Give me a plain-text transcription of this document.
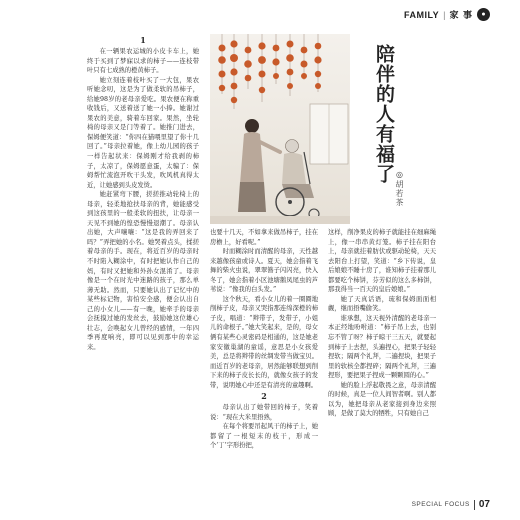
FAMILY | 家 事	●
1

在一辆果农运城的小皮卡车上，她终于买到了梦寐以求的柿子——连枝带叶只有七成熟的橙黄柿子。

她立刻连着枝叶买了一大包，果农听她念叨，这是为了做柔软的吊柿子，给她98岁的老母亲爱吃。果农便在称重收钱后，又送着送了她一小捧。她谢过果农的美意，骑着车回家。果然，坐轮椅的母亲又是门等着了。她推门进去，保姆便笑道：“你四在猫喂里望了你十几回了。”母亲拉着她，像上幼儿园的孩子一样告起状来：保姆刚才给我剥的柿子，太凉了，保姆愿意蛋，太骗了：保姆帮忙流泡开吹干头发，吹风机真得太近，让她感到头皮发烫。

她赶紧弯下腰，搓搓推动轮椅上的母亲，轻柔地抢扶母亲的背，她能感受到这孩里的一般柔软的扭扶，让母亲一天见不到她的惶恐慢慢退潮了。母亲认出她，大声嚷嚷：“这是我的弄回来了吗？”弄把她的小名。她哭着点头，揉搓着母亲的手。现在，将近百岁的母亲时不时陷入糊涂中，有时把她认作自己的妈，有时又把她和外孙女混淆了。母亲像是一个在时光中迷路的孩子，那么单薄无助。然而，只要她认出了记忆中的某些标记物，害怕安全感，便会认出自己的小女儿——有一晚，她牵手的母亲会抚摸过她的发丝去，鼓励她这位雄心壮志，会唤起女儿曾经的感情，一年四季再度响亮，即可以见到那中的幸运来。

陪伴的人有福了
◎胡若茶

也要十几天，不如拿来做吊柿子，挂在房檐上，好看呢。”

时而糊涂时而清醒的母亲，天性越来越像孩童或诗人。夏天，她会指着飞舞的柴火虫说，翠翠簪子闪闪亮，快入冬了，她会指着小区池塘鹅凤尾虫的芦苇说：“像我的白头发。”

这个秋天，看小女儿的着一圈圈地削柿子皮，母亲又哭指那连绵深橙的柿子皮，唱道：“辫带子，发带子，小姐儿的命根子。”她大笑起来，是的，母女俩有某些心灵密码是相通的，这是她老家安徽巢湖的童谣，意思是小女孩爱美，总是将辫带的丝绸发带当做宝贝。而近百岁的老母亲，居然能够联想到削下来的柿子皮长长的，就像女孩子的发带，说明她心中还是有清亮的童趣啊。

2

母亲认出了她带回的柿子，笑着说：“现在大米里捂熟，

在每个将要吊起风干的柿子上，她都留了一根短末的枝干，形成一个‘丁’字形扮把，

这样，削净果皮的柿子就能挂在细麻绳上，像一串串黄灯笼。柿子挂在阳台上，母亲就挂着肪伏或驱动轮椅，天天去阳台上打望，笑道：“乡下传说，皇后娘娘不睡十房了，谁知柿子挂着那儿都要吃个柿饼，芬芳似的这么多柿饼，那我得当一百天的皇后娘娘。”

她了天真话语，琉和保姆面面相觑，继而捂嘴偷笑。

谁承想，这天视外清醒的老母亲一本正经地吩咐道：“柿子吊上去，也别忘不管了呀？柿子晾干三五天，就要起到柿子上去捏，头遍捏心，把果子轻轻捏软；隔两个礼拜，二遍捏块，把果子里的软核全都捏碎；隔两个礼拜，三遍捏形，要把果子捏成一颗颗圆的心。”

她的脸上浮起敬畏之意，母亲清醒的时候，真是一位人间智者啊。别人都以为，她把母亲从老家接到身边来照顾，是做了莫大的牺牲，只有她自己

SPECIAL FOCUS 07
